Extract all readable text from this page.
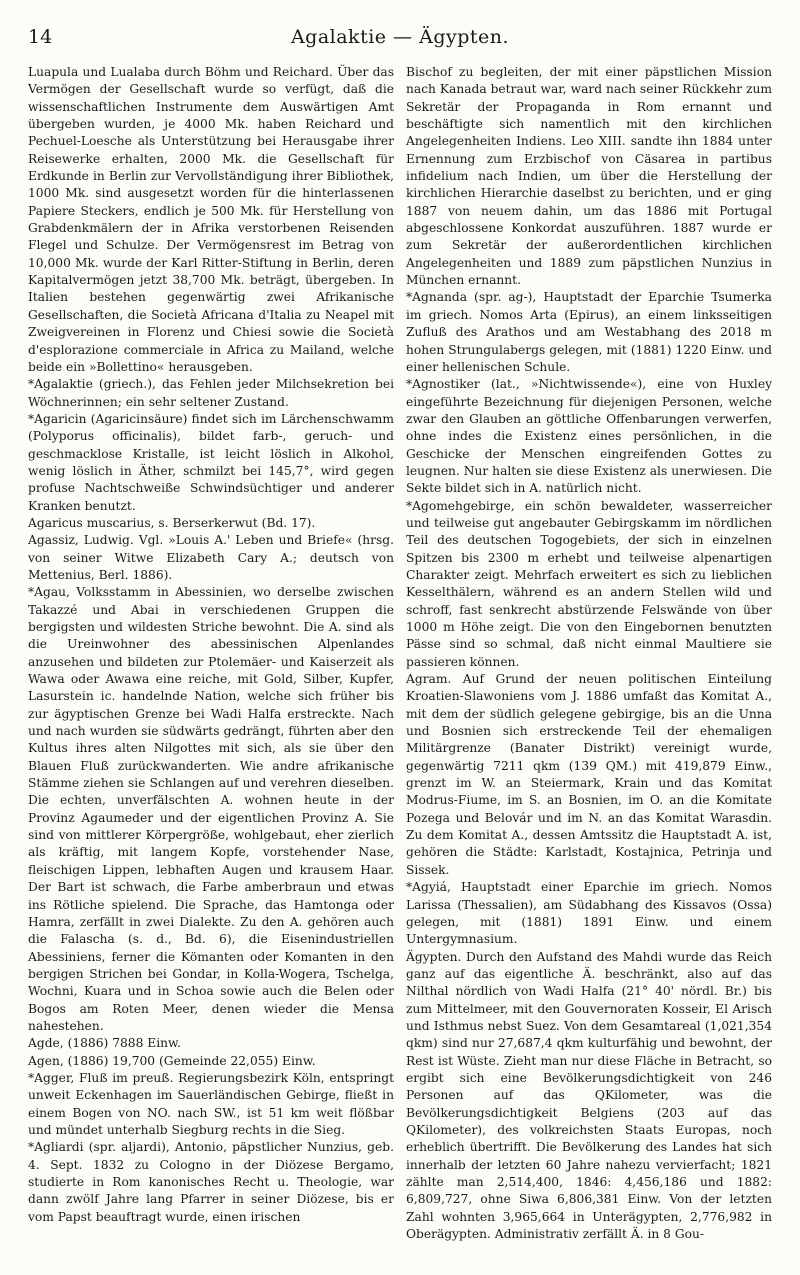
14	Agalaktie — Ägypten.

Luapula und Lualaba durch Böhm und Reichard. Über das Vermögen der Gesellschaft wurde so verfügt, daß die wissenschaftlichen Instrumente dem Auswärtigen Amt übergeben wurden, je 4000 Mk. haben Reichard und Pechuel-Loesche als Unterstützung bei Herausgabe ihrer Reisewerke erhalten, 2000 Mk. die Gesellschaft für Erdkunde in Berlin zur Vervollständigung ihrer Bibliothek, 1000 Mk. sind ausgesetzt worden für die hinterlassenen Papiere Steckers, endlich je 500 Mk. für Herstellung von Grabdenkmälern der in Afrika verstorbenen Reisenden Flegel und Schulze. Der Vermögensrest im Betrag von 10,000 Mk. wurde der Karl Ritter-Stiftung in Berlin, deren Kapitalvermögen jetzt 38,700 Mk. beträgt, übergeben. In Italien bestehen gegenwärtig zwei Afrikanische Gesellschaften, die Società Africana d'Italia zu Neapel mit Zweigvereinen in Florenz und Chiesi sowie die Società d'esplorazione commerciale in Africa zu Mailand, welche beide ein »Bollettino« herausgeben.

*Agalaktie (griech.), das Fehlen jeder Milchsekretion bei Wöchnerinnen; ein sehr seltener Zustand.

*Agaricin (Agaricinsäure) findet sich im Lärchenschwamm (Polyporus officinalis), bildet farb-, geruch- und geschmacklose Kristalle, ist leicht löslich in Alkohol, wenig löslich in Äther, schmilzt bei 145,7°, wird gegen profuse Nachtschweiße Schwindsüchtiger und anderer Kranken benutzt.

Agaricus muscarius, s. Berserkerwut (Bd. 17).

Agassiz, Ludwig. Vgl. »Louis A.' Leben und Briefe« (hrsg. von seiner Witwe Elizabeth Cary A.; deutsch von Mettenius, Berl. 1886).

*Agau, Volksstamm in Abessinien, wo derselbe zwischen Takazzé und Abai in verschiedenen Gruppen die bergigsten und wildesten Striche bewohnt. Die A. sind als die Ureinwohner des abessinischen Alpenlandes anzusehen und bildeten zur Ptolemäer- und Kaiserzeit als Wawa oder Awawa eine reiche, mit Gold, Silber, Kupfer, Lasurstein ic. handelnde Nation, welche sich früher bis zur ägyptischen Grenze bei Wadi Halfa erstreckte. Nach und nach wurden sie südwärts gedrängt, führten aber den Kultus ihres alten Nilgottes mit sich, als sie über den Blauen Fluß zurückwanderten. Wie andre afrikanische Stämme ziehen sie Schlangen auf und verehren dieselben. Die echten, unverfälschten A. wohnen heute in der Provinz Agaumeder und der eigentlichen Provinz A. Sie sind von mittlerer Körpergröße, wohlgebaut, eher zierlich als kräftig, mit langem Kopfe, vorstehender Nase, fleischigen Lippen, lebhaften Augen und krausem Haar. Der Bart ist schwach, die Farbe amberbraun und etwas ins Rötliche spielend. Die Sprache, das Hamtonga oder Hamra, zerfällt in zwei Dialekte. Zu den A. gehören auch die Falascha (s. d., Bd. 6), die Eisenindustriellen Abessiniens, ferner die Kömanten oder Komanten in den bergigen Strichen bei Gondar, in Kolla-Wogera, Tschelga, Wochni, Kuara und in Schoa sowie auch die Belen oder Bogos am Roten Meer, denen wieder die Mensa nahestehen.

Agde, (1886) 7888 Einw.

Agen, (1886) 19,700 (Gemeinde 22,055) Einw.

*Agger, Fluß im preuß. Regierungsbezirk Köln, entspringt unweit Eckenhagen im Sauerländischen Gebirge, fließt in einem Bogen von NO. nach SW., ist 51 km weit flößbar und mündet unterhalb Siegburg rechts in die Sieg.

*Agliardi (spr. aljardi), Antonio, päpstlicher Nunzius, geb. 4. Sept. 1832 zu Cologno in der Diözese Bergamo, studierte in Rom kanonisches Recht u. Theologie, war dann zwölf Jahre lang Pfarrer in seiner Diözese, bis er vom Papst beauftragt wurde, einen irischen

Bischof zu begleiten, der mit einer päpstlichen Mission nach Kanada betraut war, ward nach seiner Rückkehr zum Sekretär der Propaganda in Rom ernannt und beschäftigte sich namentlich mit den kirchlichen Angelegenheiten Indiens. Leo XIII. sandte ihn 1884 unter Ernennung zum Erzbischof von Cäsarea in partibus infidelium nach Indien, um über die Herstellung der kirchlichen Hierarchie daselbst zu berichten, und er ging 1887 von neuem dahin, um das 1886 mit Portugal abgeschlossene Konkordat auszuführen. 1887 wurde er zum Sekretär der außerordentlichen kirchlichen Angelegenheiten und 1889 zum päpstlichen Nunzius in München ernannt.

*Agnanda (spr. ag-), Hauptstadt der Eparchie Tsumerka im griech. Nomos Arta (Epirus), an einem linksseitigen Zufluß des Arathos und am Westabhang des 2018 m hohen Strungulabergs gelegen, mit (1881) 1220 Einw. und einer hellenischen Schule.

*Agnostiker (lat., »Nichtwissende«), eine von Huxley eingeführte Bezeichnung für diejenigen Personen, welche zwar den Glauben an göttliche Offenbarungen verwerfen, ohne indes die Existenz eines persönlichen, in die Geschicke der Menschen eingreifenden Gottes zu leugnen. Nur halten sie diese Existenz als unerwiesen. Die Sekte bildet sich in A. natürlich nicht.

*Agomehgebirge, ein schön bewaldeter, wasserreicher und teilweise gut angebauter Gebirgskamm im nördlichen Teil des deutschen Togogebiets, der sich in einzelnen Spitzen bis 2300 m erhebt und teilweise alpenartigen Charakter zeigt. Mehrfach erweitert es sich zu lieblichen Kesselthälern, während es an andern Stellen wild und schroff, fast senkrecht abstürzende Felswände von über 1000 m Höhe zeigt. Die von den Eingebornen benutzten Pässe sind so schmal, daß nicht einmal Maultiere sie passieren können.

Agram. Auf Grund der neuen politischen Einteilung Kroatien-Slawoniens vom J. 1886 umfaßt das Komitat A., mit dem der südlich gelegene gebirgige, bis an die Unna und Bosnien sich erstreckende Teil der ehemaligen Militärgrenze (Banater Distrikt) vereinigt wurde, gegenwärtig 7211 qkm (139 QM.) mit 419,879 Einw., grenzt im W. an Steiermark, Krain und das Komitat Modrus-Fiume, im S. an Bosnien, im O. an die Komitate Pozega und Belovár und im N. an das Komitat Warasdin. Zu dem Komitat A., dessen Amtssitz die Hauptstadt A. ist, gehören die Städte: Karlstadt, Kostajnica, Petrinja und Sissek.

*Agyiá, Hauptstadt einer Eparchie im griech. Nomos Larissa (Thessalien), am Südabhang des Kissavos (Ossa) gelegen, mit (1881) 1891 Einw. und einem Untergymnasium.

Ägypten. Durch den Aufstand des Mahdi wurde das Reich ganz auf das eigentliche Ä. beschränkt, also auf das Nilthal nördlich von Wadi Halfa (21° 40' nördl. Br.) bis zum Mittelmeer, mit den Gouvernoraten Kosseir, El Arisch und Isthmus nebst Suez. Von dem Gesamtareal (1,021,354 qkm) sind nur 27,687,4 qkm kulturfähig und bewohnt, der Rest ist Wüste. Zieht man nur diese Fläche in Betracht, so ergibt sich eine Bevölkerungsdichtigkeit von 246 Personen auf das QKilometer, was die Bevölkerungsdichtigkeit Belgiens (203 auf das QKilometer), des volkreichsten Staats Europas, noch erheblich übertrifft. Die Bevölkerung des Landes hat sich innerhalb der letzten 60 Jahre nahezu vervierfacht; 1821 zählte man 2,514,400, 1846: 4,456,186 und 1882: 6,809,727, ohne Siwa 6,806,381 Einw. Von der letzten Zahl wohnten 3,965,664 in Unterägypten, 2,776,982 in Oberägypten. Administrativ zerfällt Ä. in 8 Gou-
